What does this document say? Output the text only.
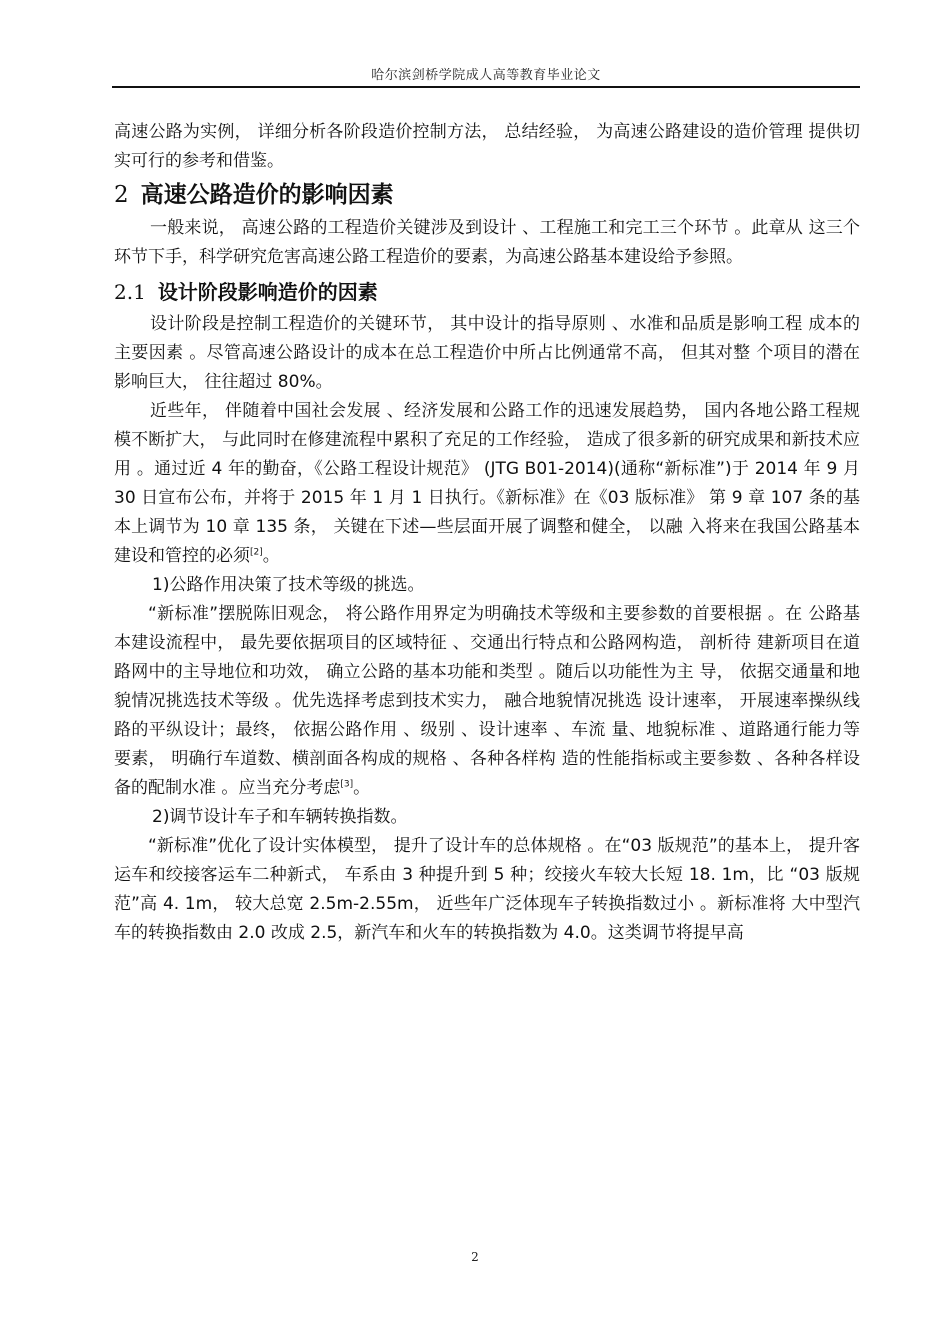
哈尔滨剑桥学院成人高等教育毕业论文

高速公路为实例， 详细分析各阶段造价控制方法， 总结经验， 为高速公路建设的造价管理 提供切实可行的参考和借鉴。

2 高速公路造价的影响因素

一般来说， 高速公路的工程造价关键涉及到设计 、工程施工和完工三个环节 。此章从 这三个环节下手，科学研究危害高速公路工程造价的要素，为高速公路基本建设给予参照。

2.1 设计阶段影响造价的因素

设计阶段是控制工程造价的关键环节， 其中设计的指导原则 、水准和品质是影响工程 成本的主要因素 。尽管高速公路设计的成本在总工程造价中所占比例通常不高， 但其对整 个项目的潜在影响巨大， 往往超过 80%。

近些年， 伴随着中国社会发展 、经济发展和公路工作的迅速发展趋势， 国内各地公路工程规模不断扩大， 与此同时在修建流程中累积了充足的工作经验， 造成了很多新的研究成果和新技术应用 。通过近 4 年的勤奋，《公路工程设计规范》 (JTG B01-2014)(通称“新标准”)于 2014 年 9 月 30 日宣布公布，并将于 2015 年 1 月 1 日执行。《新标准》在《03 版标准》 第 9 章 107 条的基本上调节为 10 章 135 条， 关键在下述—些层面开展了调整和健全， 以融 入将来在我国公路基本建设和管控的必须[2]。

1)公路作用决策了技术等级的挑选。

“新标准”摆脱陈旧观念， 将公路作用界定为明确技术等级和主要参数的首要根据 。在 公路基本建设流程中， 最先要依据项目的区域特征 、交通出行特点和公路网构造， 剖析待 建新项目在道路网中的主导地位和功效， 确立公路的基本功能和类型 。随后以功能性为主 导， 依据交通量和地貌情况挑选技术等级 。优先选择考虑到技术实力， 融合地貌情况挑选 设计速率， 开展速率操纵线路的平纵设计；最终， 依据公路作用 、级别 、设计速率 、车流 量、地貌标准 、道路通行能力等要素， 明确行车道数、横剖面各构成的规格 、各种各样构 造的性能指标或主要参数 、各种各样设备的配制水准 。应当充分考虑[3]。

2)调节设计车子和车辆转换指数。

“新标准”优化了设计实体模型， 提升了设计车的总体规格 。在“03 版规范”的基本上， 提升客运车和绞接客运车二种新式， 车系由 3 种提升到 5 种；绞接火车较大长短 18. 1m，比 “03 版规范”高 4. 1m， 较大总宽 2.5m-2.55m， 近些年广泛体现车子转换指数过小 。新标准将 大中型汽车的转换指数由 2.0 改成 2.5，新汽车和火车的转换指数为 4.0。这类调节将提早高

2
